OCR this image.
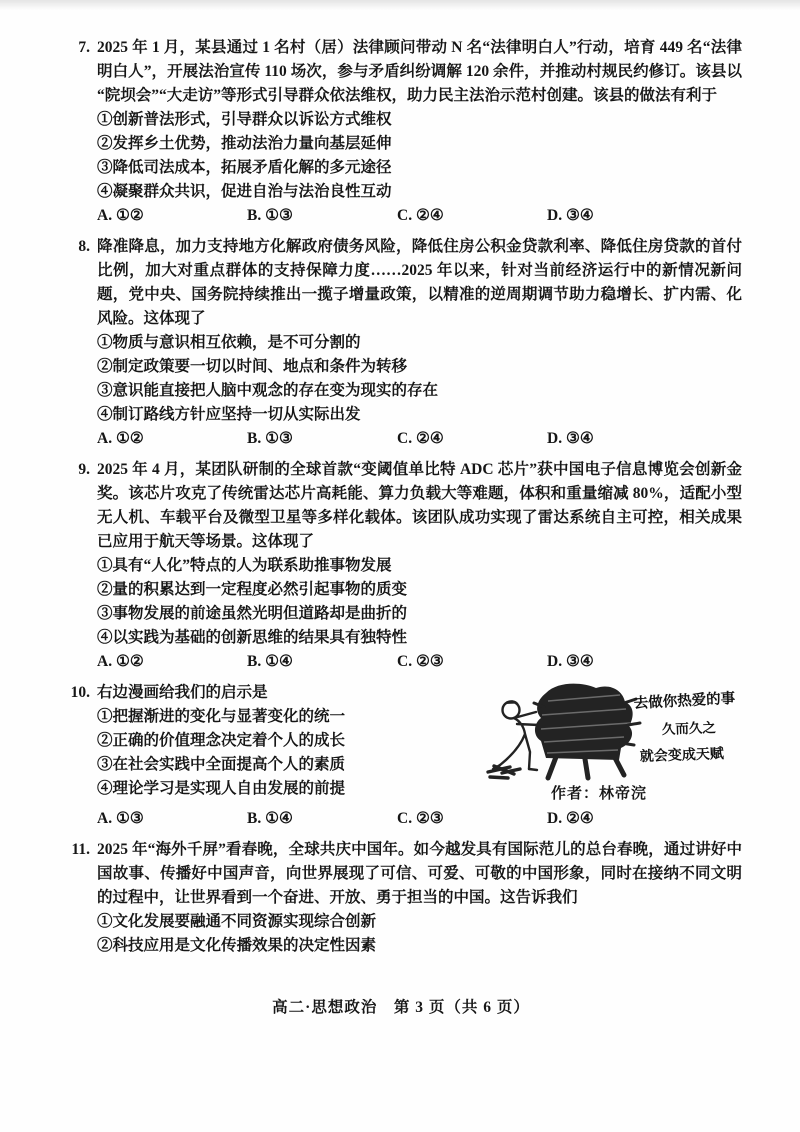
7. 2025 年 1 月，某县通过 1 名村（居）法律顾问带动 N 名“法律明白人”行动，培育 449 名“法律明白人”，开展法治宣传 110 场次，参与矛盾纠纷调解 120 余件，并推动村规民约修订。该县以“院坝会”“大走访”等形式引导群众依法维权，助力民主法治示范村创建。该县的做法有利于

①创新普法形式，引导群众以诉讼方式维权
②发挥乡土优势，推动法治力量向基层延伸
③降低司法成本，拓展矛盾化解的多元途径
④凝聚群众共识，促进自治与法治良性互动
A. ①②	B. ①③	C. ②④	D. ③④
8. 降准降息，加力支持地方化解政府债务风险，降低住房公积金贷款利率、降低住房贷款的首付比例，加大对重点群体的支持保障力度……2025 年以来，针对当前经济运行中的新情况新问题，党中央、国务院持续推出一揽子增量政策，以精准的逆周期调节助力稳增长、扩内需、化风险。这体现了

①物质与意识相互依赖，是不可分割的
②制定政策要一切以时间、地点和条件为转移
③意识能直接把人脑中观念的存在变为现实的存在
④制订路线方针应坚持一切从实际出发
A. ①②	B. ①③	C. ②④	D. ③④
9. 2025 年 4 月，某团队研制的全球首款“变阈值单比特 ADC 芯片”获中国电子信息博览会创新金奖。该芯片攻克了传统雷达芯片高耗能、算力负载大等难题，体积和重量缩减 80%，适配小型无人机、车载平台及微型卫星等多样化载体。该团队成功实现了雷达系统自主可控，相关成果已应用于航天等场景。这体现了

①具有“人化”特点的人为联系助推事物发展
②量的积累达到一定程度必然引起事物的质变
③事物发展的前途虽然光明但道路却是曲折的
④以实践为基础的创新思维的结果具有独特性
A. ①②	B. ①④	C. ②③	D. ③④
10.	去做你热爱的事
久而久之
就会变成天赋
作者：林帝浣

右边漫画给我们的启示是

①把握渐进的变化与显著变化的统一
②正确的价值理念决定着个人的成长
③在社会实践中全面提高个人的素质
④理论学习是实现人自由发展的前提
A. ①③	B. ①④	C. ②③	D. ②④
11. 2025 年“海外千屏”看春晚，全球共庆中国年。如今越发具有国际范儿的总台春晚，通过讲好中国故事、传播好中国声音，向世界展现了可信、可爱、可敬的中国形象，同时在接纳不同文明的过程中，让世界看到一个奋进、开放、勇于担当的中国。这告诉我们

①文化发展要融通不同资源实现综合创新
②科技应用是文化传播效果的决定性因素
高二·思想政治　第 3 页（共 6 页）
